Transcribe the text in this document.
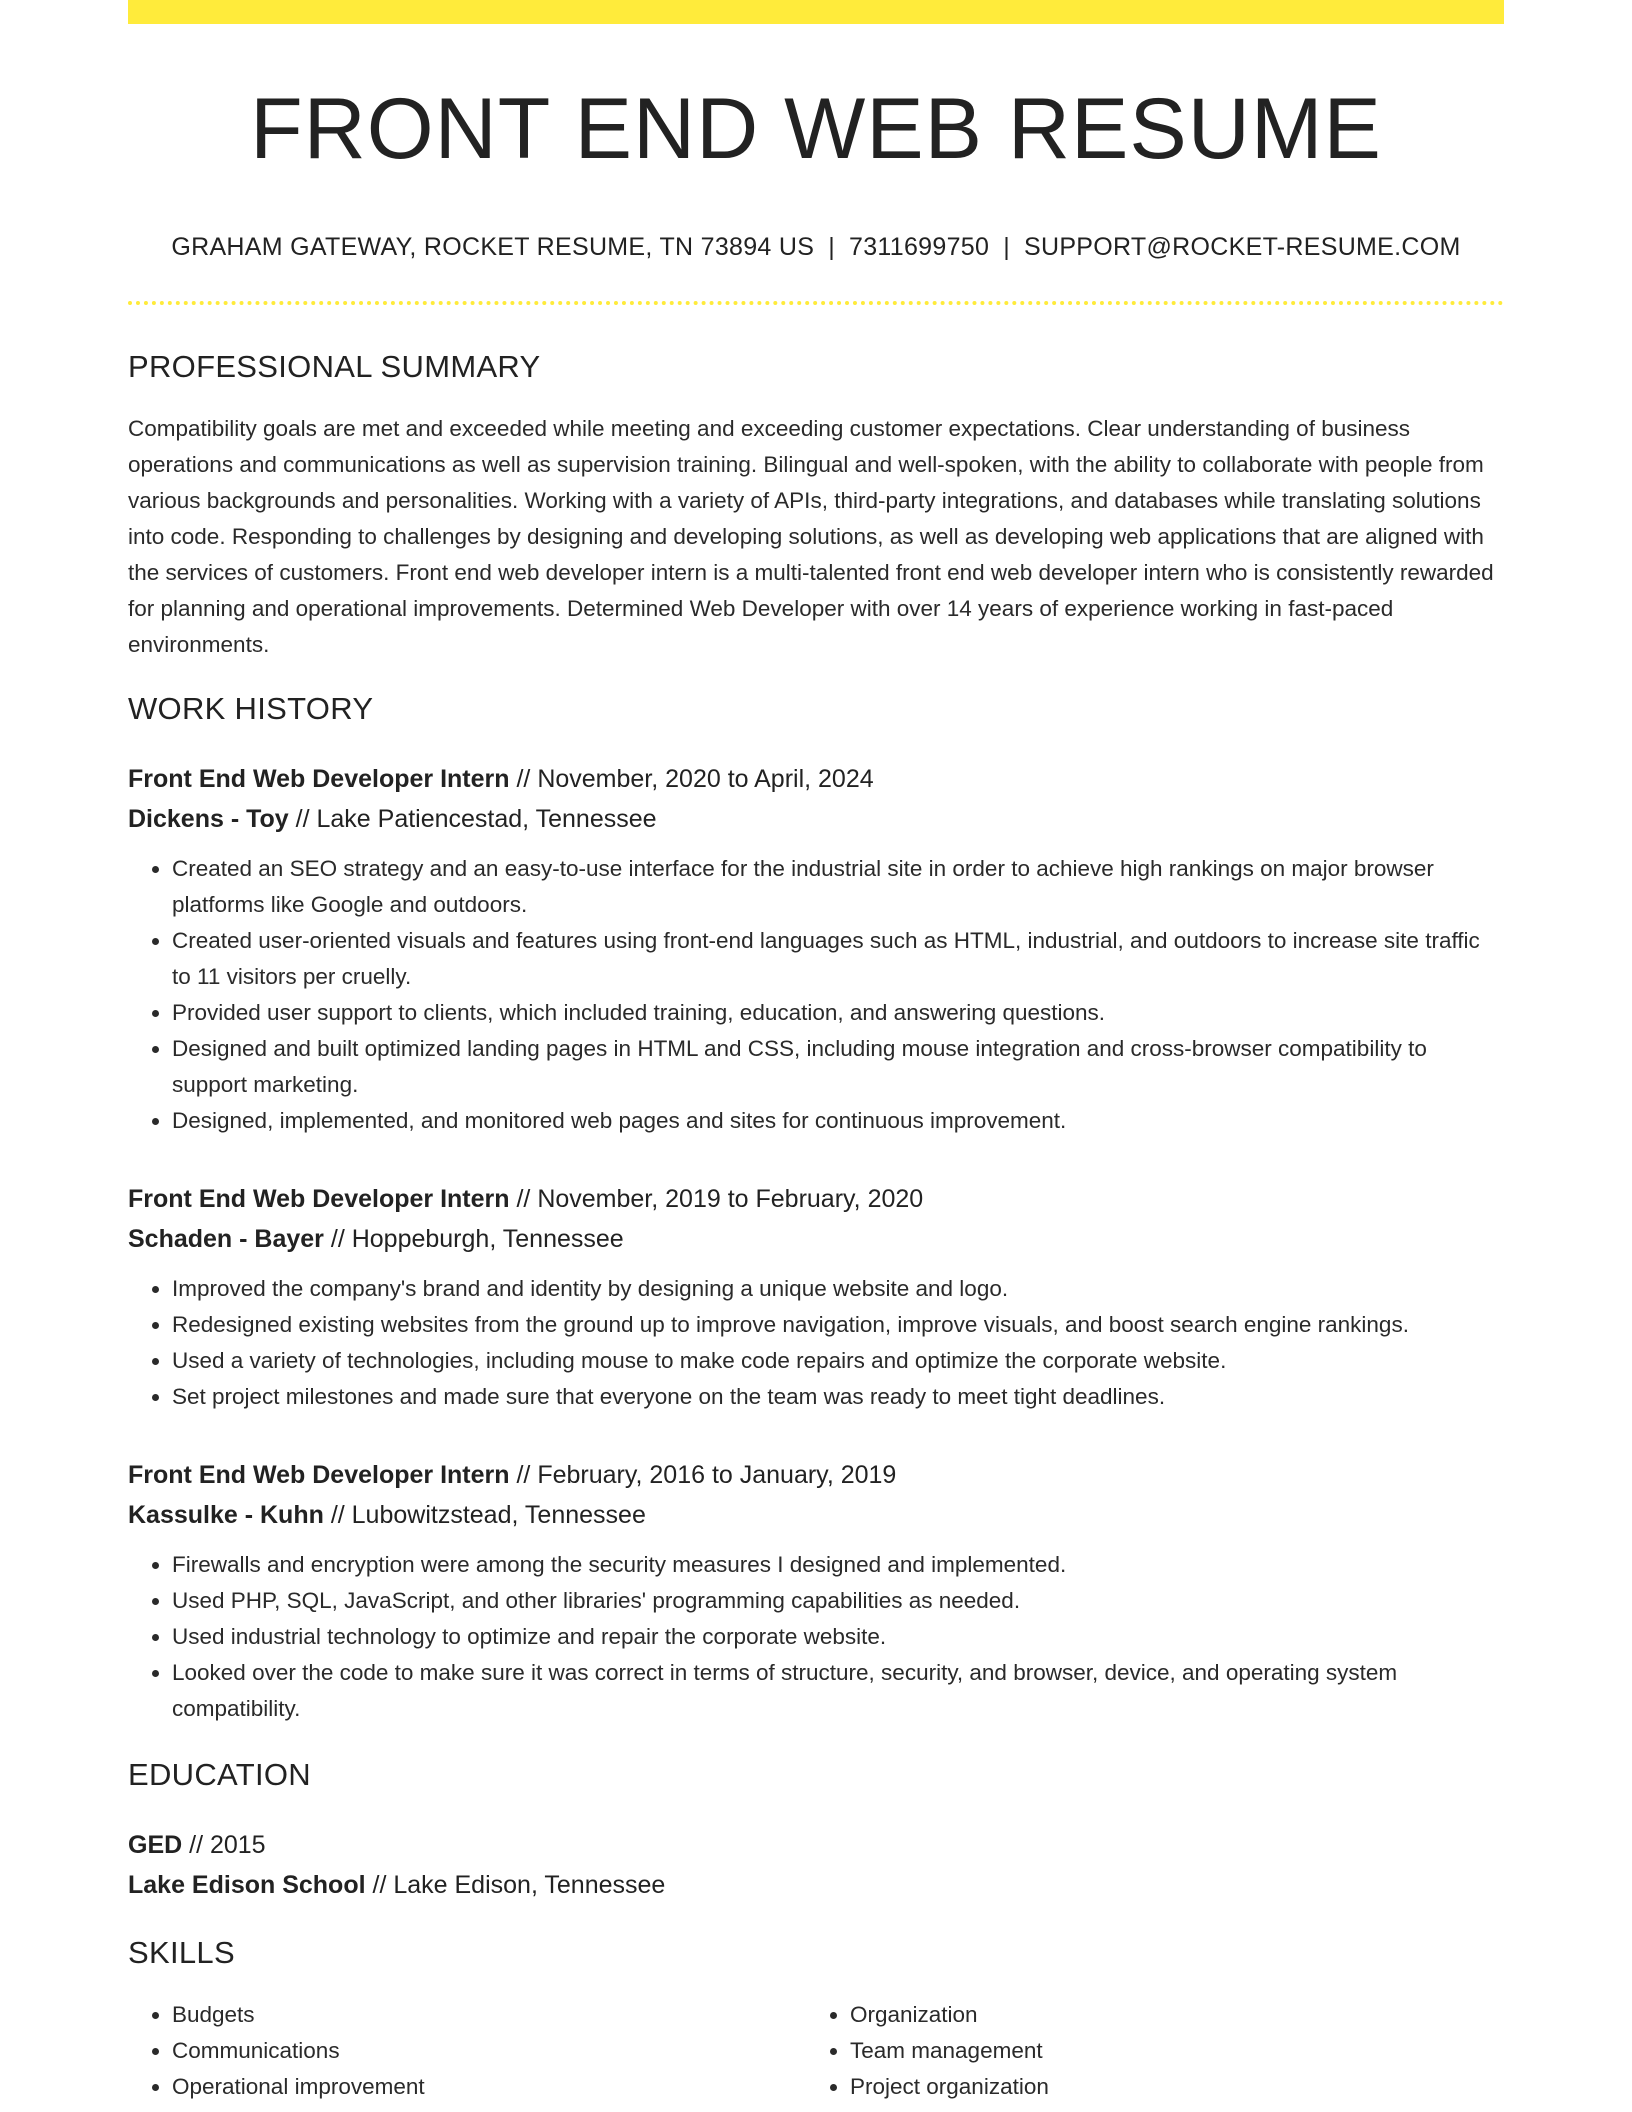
FRONT END WEB RESUME
GRAHAM GATEWAY, ROCKET RESUME, TN 73894 US | 7311699750 | SUPPORT@ROCKET-RESUME.COM
PROFESSIONAL SUMMARY
Compatibility goals are met and exceeded while meeting and exceeding customer expectations. Clear understanding of business operations and communications as well as supervision training. Bilingual and well-spoken, with the ability to collaborate with people from various backgrounds and personalities. Working with a variety of APIs, third-party integrations, and databases while translating solutions into code. Responding to challenges by designing and developing solutions, as well as developing web applications that are aligned with the services of customers. Front end web developer intern is a multi-talented front end web developer intern who is consistently rewarded for planning and operational improvements. Determined Web Developer with over 14 years of experience working in fast-paced environments.
WORK HISTORY
Front End Web Developer Intern // November, 2020 to April, 2024
Dickens - Toy // Lake Patiencestad, Tennessee
• Created an SEO strategy and an easy-to-use interface for the industrial site in order to achieve high rankings on major browser platforms like Google and outdoors.
• Created user-oriented visuals and features using front-end languages such as HTML, industrial, and outdoors to increase site traffic to 11 visitors per cruelly.
• Provided user support to clients, which included training, education, and answering questions.
• Designed and built optimized landing pages in HTML and CSS, including mouse integration and cross-browser compatibility to support marketing.
• Designed, implemented, and monitored web pages and sites for continuous improvement.
Front End Web Developer Intern // November, 2019 to February, 2020
Schaden - Bayer // Hoppeburgh, Tennessee
• Improved the company's brand and identity by designing a unique website and logo.
• Redesigned existing websites from the ground up to improve navigation, improve visuals, and boost search engine rankings.
• Used a variety of technologies, including mouse to make code repairs and optimize the corporate website.
• Set project milestones and made sure that everyone on the team was ready to meet tight deadlines.
Front End Web Developer Intern // February, 2016 to January, 2019
Kassulke - Kuhn // Lubowitzstead, Tennessee
• Firewalls and encryption were among the security measures I designed and implemented.
• Used PHP, SQL, JavaScript, and other libraries' programming capabilities as needed.
• Used industrial technology to optimize and repair the corporate website.
• Looked over the code to make sure it was correct in terms of structure, security, and browser, device, and operating system compatibility.
EDUCATION
GED // 2015
Lake Edison School // Lake Edison, Tennessee
SKILLS
• Budgets
• Communications
• Operational improvement
• Organization
• Team management
• Project organization
